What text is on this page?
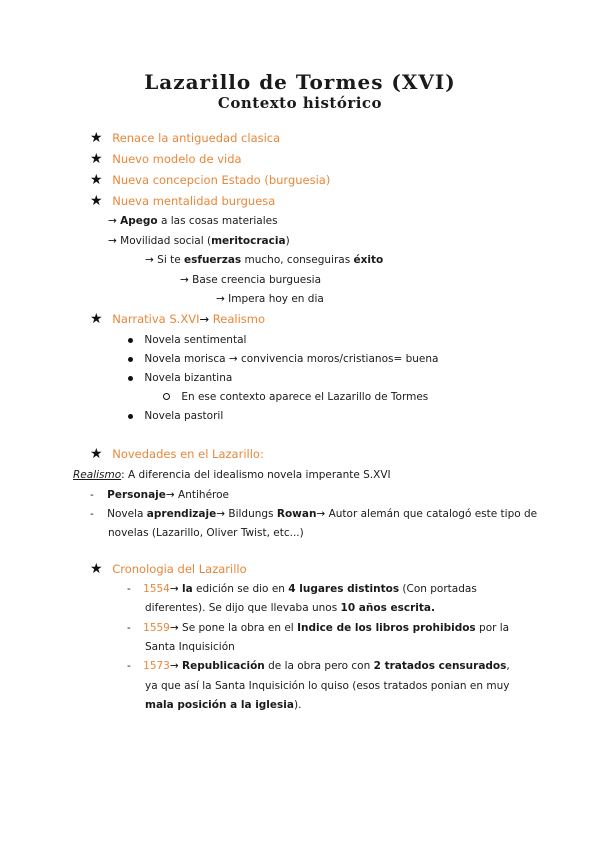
Lazarillo de Tormes (XVI)
Contexto histórico
★ Renace la antiguedad clasica
★ Nuevo modelo de vida
★ Nueva concepcion Estado (burguesia)
★ Nueva mentalidad burguesa
→ Apego a las cosas materiales
→ Movilidad social (meritocracia)
→ Si te esfuerzas mucho, conseguiras éxito
→ Base creencia burguesia
→ Impera hoy en dia
★ Narrativa S.XVI→ Realismo
Novela sentimental
Novela morisca → convivencia moros/cristianos= buena
Novela bizantina
En ese contexto aparece el Lazarillo de Tormes
Novela pastoril
★ Novedades en el Lazarillo:
Realismo: A diferencia del idealismo novela imperante S.XVI
- Personaje→ Antihéroe
- Novela aprendizaje→ Bildungs Rowan→ Autor alemán que catalogó este tipo de
novelas (Lazarillo, Oliver Twist, etc...)
★ Cronologia del Lazarillo
- 1554→ la edición se dio en 4 lugares distintos (Con portadas
diferentes). Se dijo que llevaba unos 10 años escrita.
- 1559→ Se pone la obra en el Indice de los libros prohibidos por la
Santa Inquisición
- 1573→ Republicación de la obra pero con 2 tratados censurados,
ya que así la Santa Inquisición lo quiso (esos tratados ponian en muy
mala posición a la iglesia).
